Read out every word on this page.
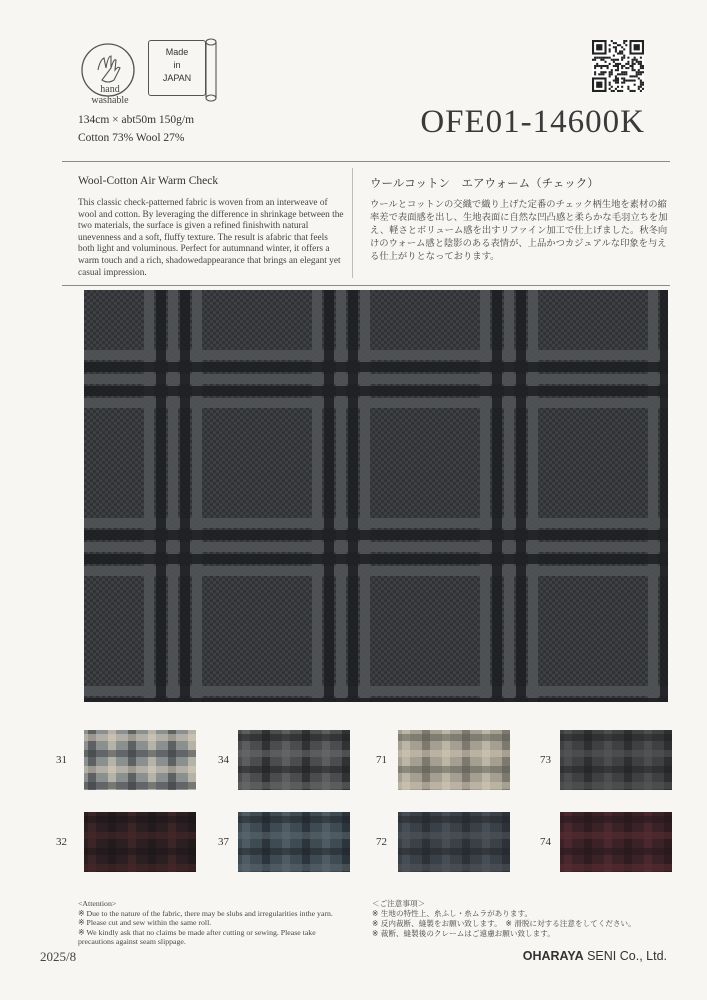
hand
washable
Made
in
JAPAN
134cm × abt50m 150g/m
Cotton 73% Wool 27%	OFE01-14600K
Wool-Cotton Air Warm Check
This classic check-patterned fabric is woven from an interweave of wool and cotton. By leveraging the difference in shrinkage between the two materials, the surface is given a refined finishwith natural unevenness and a soft, fluffy texture. The result is afabric that feels both light and voluminous. Perfect for autumnand winter, it offers a warm touch and a rich, shadowedappearance that brings an elegant yet casual impression.
ウールコットン　エアウォーム（チェック）
ウールとコットンの交織で織り上げた定番のチェック柄生地を素材の縮率差で表面感を出し、生地表面に自然な凹凸感と柔らかな毛羽立ちを加え、軽さとボリューム感を出すリファイン加工で仕上げました。秋冬向けのウォーム感と陰影のある表情が、上品かつカジュアルな印象を与える仕上がりとなっております。
<Attention>
※ Due to the nature of the fabric, there may be slubs and irregularities inthe yarn.
※ Please cut and sew within the same roll.
※ We kindly ask that no claims be made after cutting or sewing. Please take
precautions against seam slippage.
＜ご注意事項＞
※ 生地の特性上、糸ふし・糸ムラがあります。
※ 反内裁断、縫製をお願い致します。　※ 滑脱に対する注意をしてください。
※ 裁断、縫製後のクレームはご遠慮お願い致します。
2025/8	OHARAYA SENI Co., Ltd.
31	34	71	73
32	37	72	74
